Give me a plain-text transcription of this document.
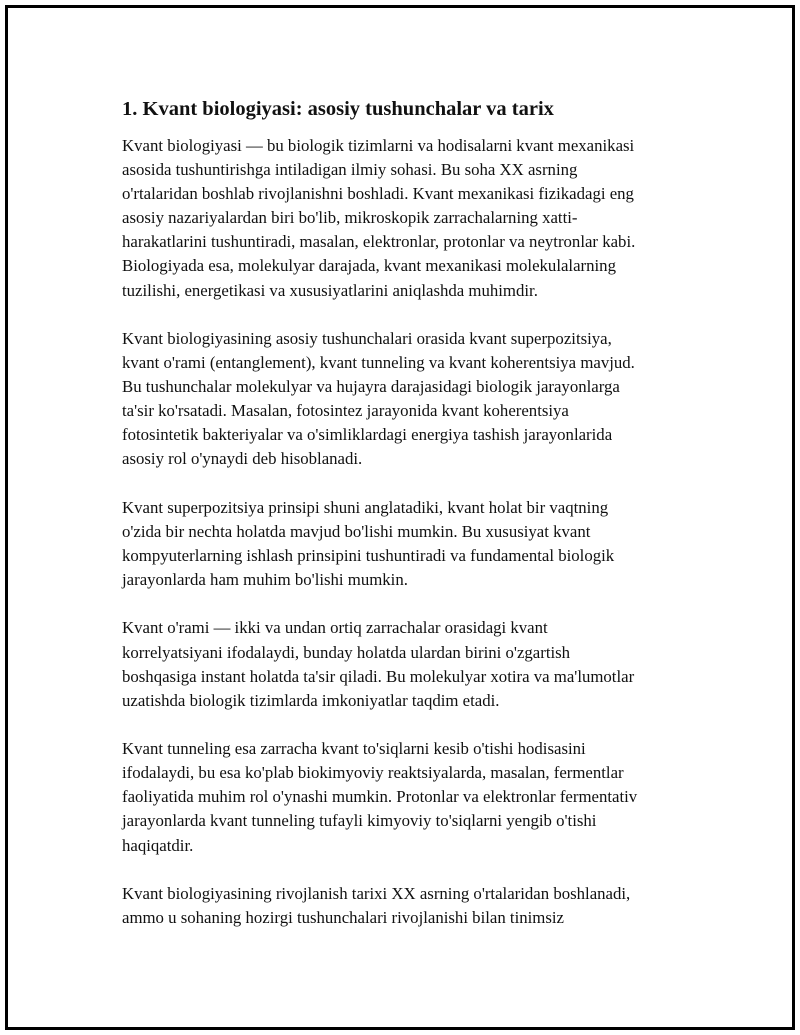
1. Kvant biologiyasi: asosiy tushunchalar va tarix

Kvant biologiyasi — bu biologik tizimlarni va hodisalarni kvant mexanikasi
asosida tushuntirishga intiladigan ilmiy sohasi. Bu soha XX asrning
o'rtalaridan boshlab rivojlanishni boshladi. Kvant mexanikasi fizikadagi eng
asosiy nazariyalardan biri bo'lib, mikroskopik zarrachalarning xatti-
harakatlarini tushuntiradi, masalan, elektronlar, protonlar va neytronlar kabi.
Biologiyada esa, molekulyar darajada, kvant mexanikasi molekulalarning
tuzilishi, energetikasi va xususiyatlarini aniqlashda muhimdir.

Kvant biologiyasining asosiy tushunchalari orasida kvant superpozitsiya,
kvant o'rami (entanglement), kvant tunneling va kvant koherentsiya mavjud.
Bu tushunchalar molekulyar va hujayra darajasidagi biologik jarayonlarga
ta'sir ko'rsatadi. Masalan, fotosintez jarayonida kvant koherentsiya
fotosintetik bakteriyalar va o'simliklardagi energiya tashish jarayonlarida
asosiy rol o'ynaydi deb hisoblanadi.

Kvant superpozitsiya prinsipi shuni anglatadiki, kvant holat bir vaqtning
o'zida bir nechta holatda mavjud bo'lishi mumkin. Bu xususiyat kvant
kompyuterlarning ishlash prinsipini tushuntiradi va fundamental biologik
jarayonlarda ham muhim bo'lishi mumkin.

Kvant o'rami — ikki va undan ortiq zarrachalar orasidagi kvant
korrelyatsiyani ifodalaydi, bunday holatda ulardan birini o'zgartish
boshqasiga instant holatda ta'sir qiladi. Bu molekulyar xotira va ma'lumotlar
uzatishda biologik tizimlarda imkoniyatlar taqdim etadi.

Kvant tunneling esa zarracha kvant to'siqlarni kesib o'tishi hodisasini
ifodalaydi, bu esa ko'plab biokimyoviy reaktsiyalarda, masalan, fermentlar
faoliyatida muhim rol o'ynashi mumkin. Protonlar va elektronlar fermentativ
jarayonlarda kvant tunneling tufayli kimyoviy to'siqlarni yengib o'tishi
haqiqatdir.

Kvant biologiyasining rivojlanish tarixi XX asrning o'rtalaridan boshlanadi,
ammo u sohaning hozirgi tushunchalari rivojlanishi bilan tinimsiz
